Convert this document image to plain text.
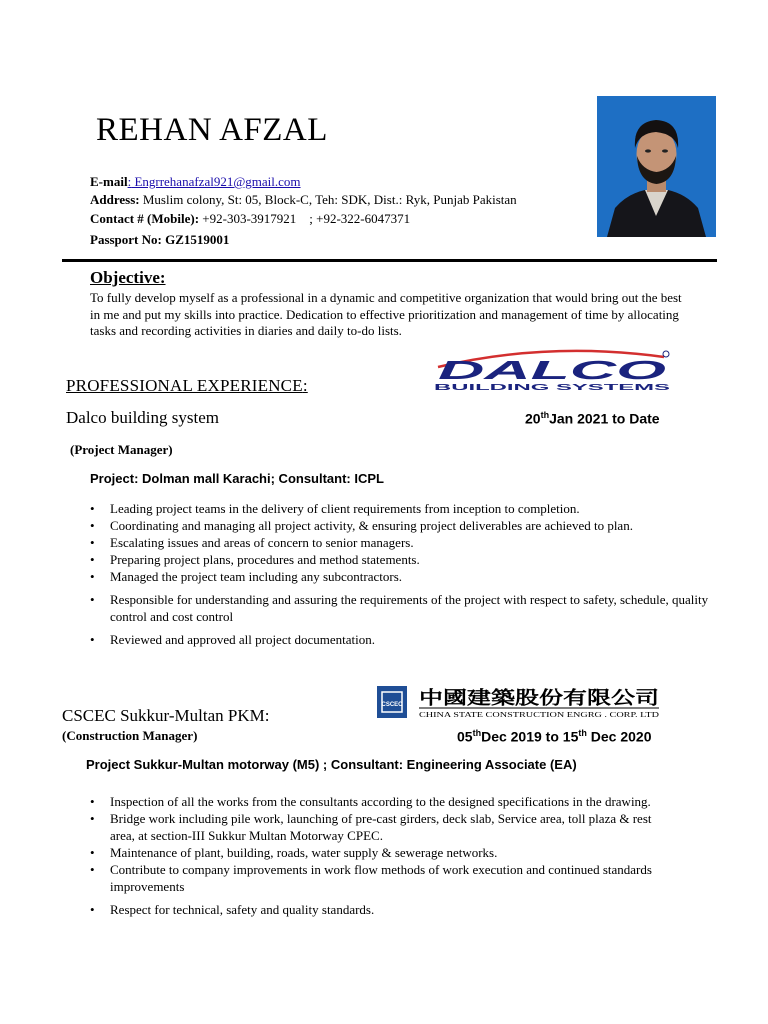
REHAN AFZAL
E-mail: Engrrehanafzal921@gmail.com
Address: Muslim colony, St: 05, Block-C, Teh: SDK, Dist.: Ryk, Punjab Pakistan
Contact # (Mobile): +92-303-3917921    ; +92-322-6047371
Passport No: GZ1519001
Objective:
To fully develop myself as a professional in a dynamic and competitive organization that would bring out the best in me and put my skills into practice. Dedication to effective prioritization and management of time by allocating tasks and recording activities in diaries and daily to-do lists.
PROFESSIONAL EXPERIENCE:
DALCO
BUILDING SYSTEMS
Dalco building system	20thJan 2021 to Date
(Project Manager)
Project: Dolman mall Karachi; Consultant: ICPL
• Leading project teams in the delivery of client requirements from inception to completion.
• Coordinating and managing all project activity, & ensuring project deliverables are achieved to plan.
• Escalating issues and areas of concern to senior managers.
• Preparing project plans, procedures and method statements.
• Managed the project team including any subcontractors.
• Responsible for understanding and assuring the requirements of the project with respect to safety, schedule, quality control and cost control
• Reviewed and approved all project documentation.
CSCEC 中國建築股份有限公司
CHINA STATE CONSTRUCTION ENGRG . CORP. LTD
CSCEC Sukkur-Multan PKM:
(Construction Manager)	05thDec 2019 to 15th Dec 2020
Project Sukkur-Multan motorway (M5) ; Consultant: Engineering Associate (EA)
• Inspection of all the works from the consultants according to the designed specifications in the drawing.
• Bridge work including pile work, launching of pre-cast girders, deck slab, Service area, toll plaza & rest area, at section-III Sukkur Multan Motorway CPEC.
• Maintenance of plant, building, roads, water supply & sewerage networks.
• Contribute to company improvements in work flow methods of work execution and continued standards improvements
• Respect for technical, safety and quality standards.
